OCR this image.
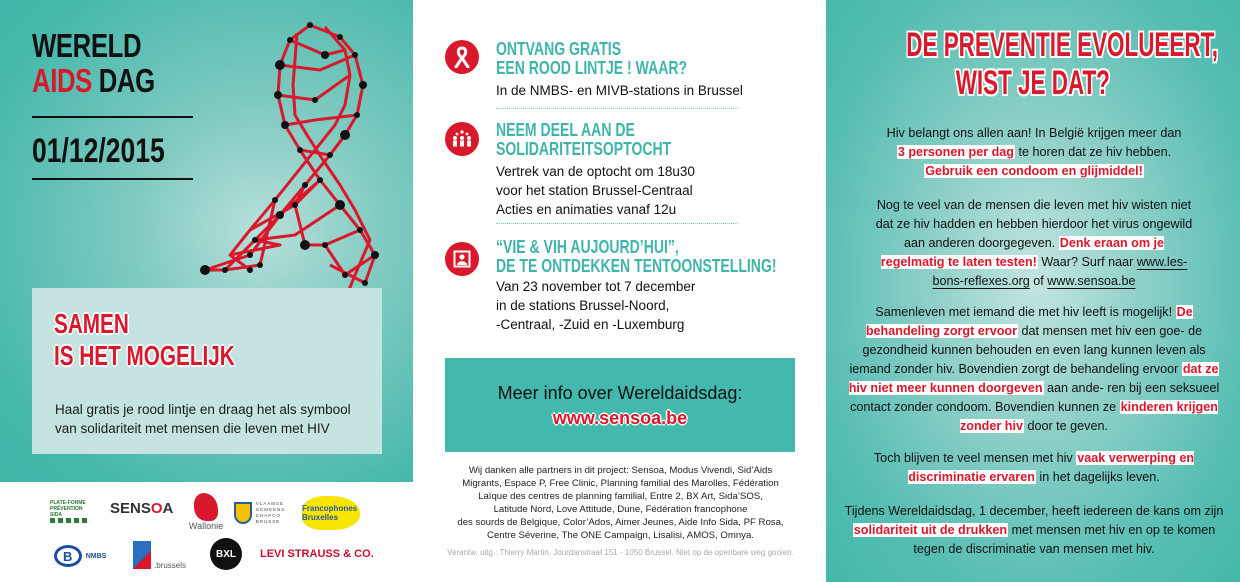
WERELD
AIDS DAG
01/12/2015
SAMEN
IS HET MOGELIJK
Haal gratis je rood lintje en draag het als symbool
van solidariteit met mensen die leven met HIV
PLATE-FORME
PRÉVENTION
SIDA	SENS O A
Wallonie
VLAAMSE
GEMEENS
CHAPCO
BRUSSE
Francophones Bruxelles
B	NMBS
.brussels
BXL	LEVI STRAUSS & CO.
ONTVANG GRATIS
EEN ROOD LINTJE ! WAAR?
In de NMBS- en MIVB-stations in Brussel
NEEM DEEL AAN DE
SOLIDARITEITSOPTOCHT
Vertrek van de optocht om 18u30
voor het station Brussel-Centraal
Acties en animaties vanaf 12u
“VIE & VIH AUJOURD’HUI”,
DE TE ONTDEKKEN TENTOONSTELLING!
Van 23 november tot 7 december
in de stations Brussel-Noord,
-Centraal, -Zuid en -Luxemburg
Meer info over Wereldaidsdag:
www.sensoa.be
Wij danken alle partners in dit project: Sensoa, Modus Vivendi, Sid’Aids
Migrants, Espace P, Free Clinic, Planning familial des Marolles, Fédération
Laïque des centres de planning familial, Entre 2, BX Art, Sida’SOS,
Latitude Nord, Love Attitude, Dune, Fédération francophone
des sourds de Belgique, Color’Ados, Aimer Jeunes, Aide Info Sida, PF Rosa,
Centre Séverine, The ONE Campaign, Lisalisi, AMOS, Omnya.
Verantw. uitg.: Thierry Martin, Jourdanstraat 151 - 1050 Brussel. Niet op de openbare weg gooien.
DE PREVENTIE EVOLUEERT,
WIST JE DAT?
Hiv belangt ons allen aan! In België krijgen meer dan
3 personen per dag te horen dat ze hiv hebben.
Gebruik een condoom en glijmiddel!
Nog te veel van de mensen die leven met hiv wisten niet dat ze hiv hadden en hebben hierdoor het virus ongewild aan anderen doorgegeven. Denk eraan om je regelmatig te laten testen! Waar? Surf naar www.les-bons-reflexes.org of www.sensoa.be
Samenleven met iemand die met hiv leeft is mogelijk! De behandeling zorgt ervoor dat mensen met hiv een goe- de gezondheid kunnen behouden en even lang kunnen leven als iemand zonder hiv. Bovendien zorgt de behandeling ervoor dat ze hiv niet meer kunnen doorgeven aan ande- ren bij een seksueel contact zonder condoom. Bovendien kunnen ze kinderen krijgen zonder hiv door te geven.
Toch blijven te veel mensen met hiv vaak verwerping en discriminatie ervaren in het dagelijks leven.
Tijdens Wereldaidsdag, 1 december, heeft iedereen de kans om zijn solidariteit uit de drukken met mensen met hiv en op te komen tegen de discriminatie van mensen met hiv.
